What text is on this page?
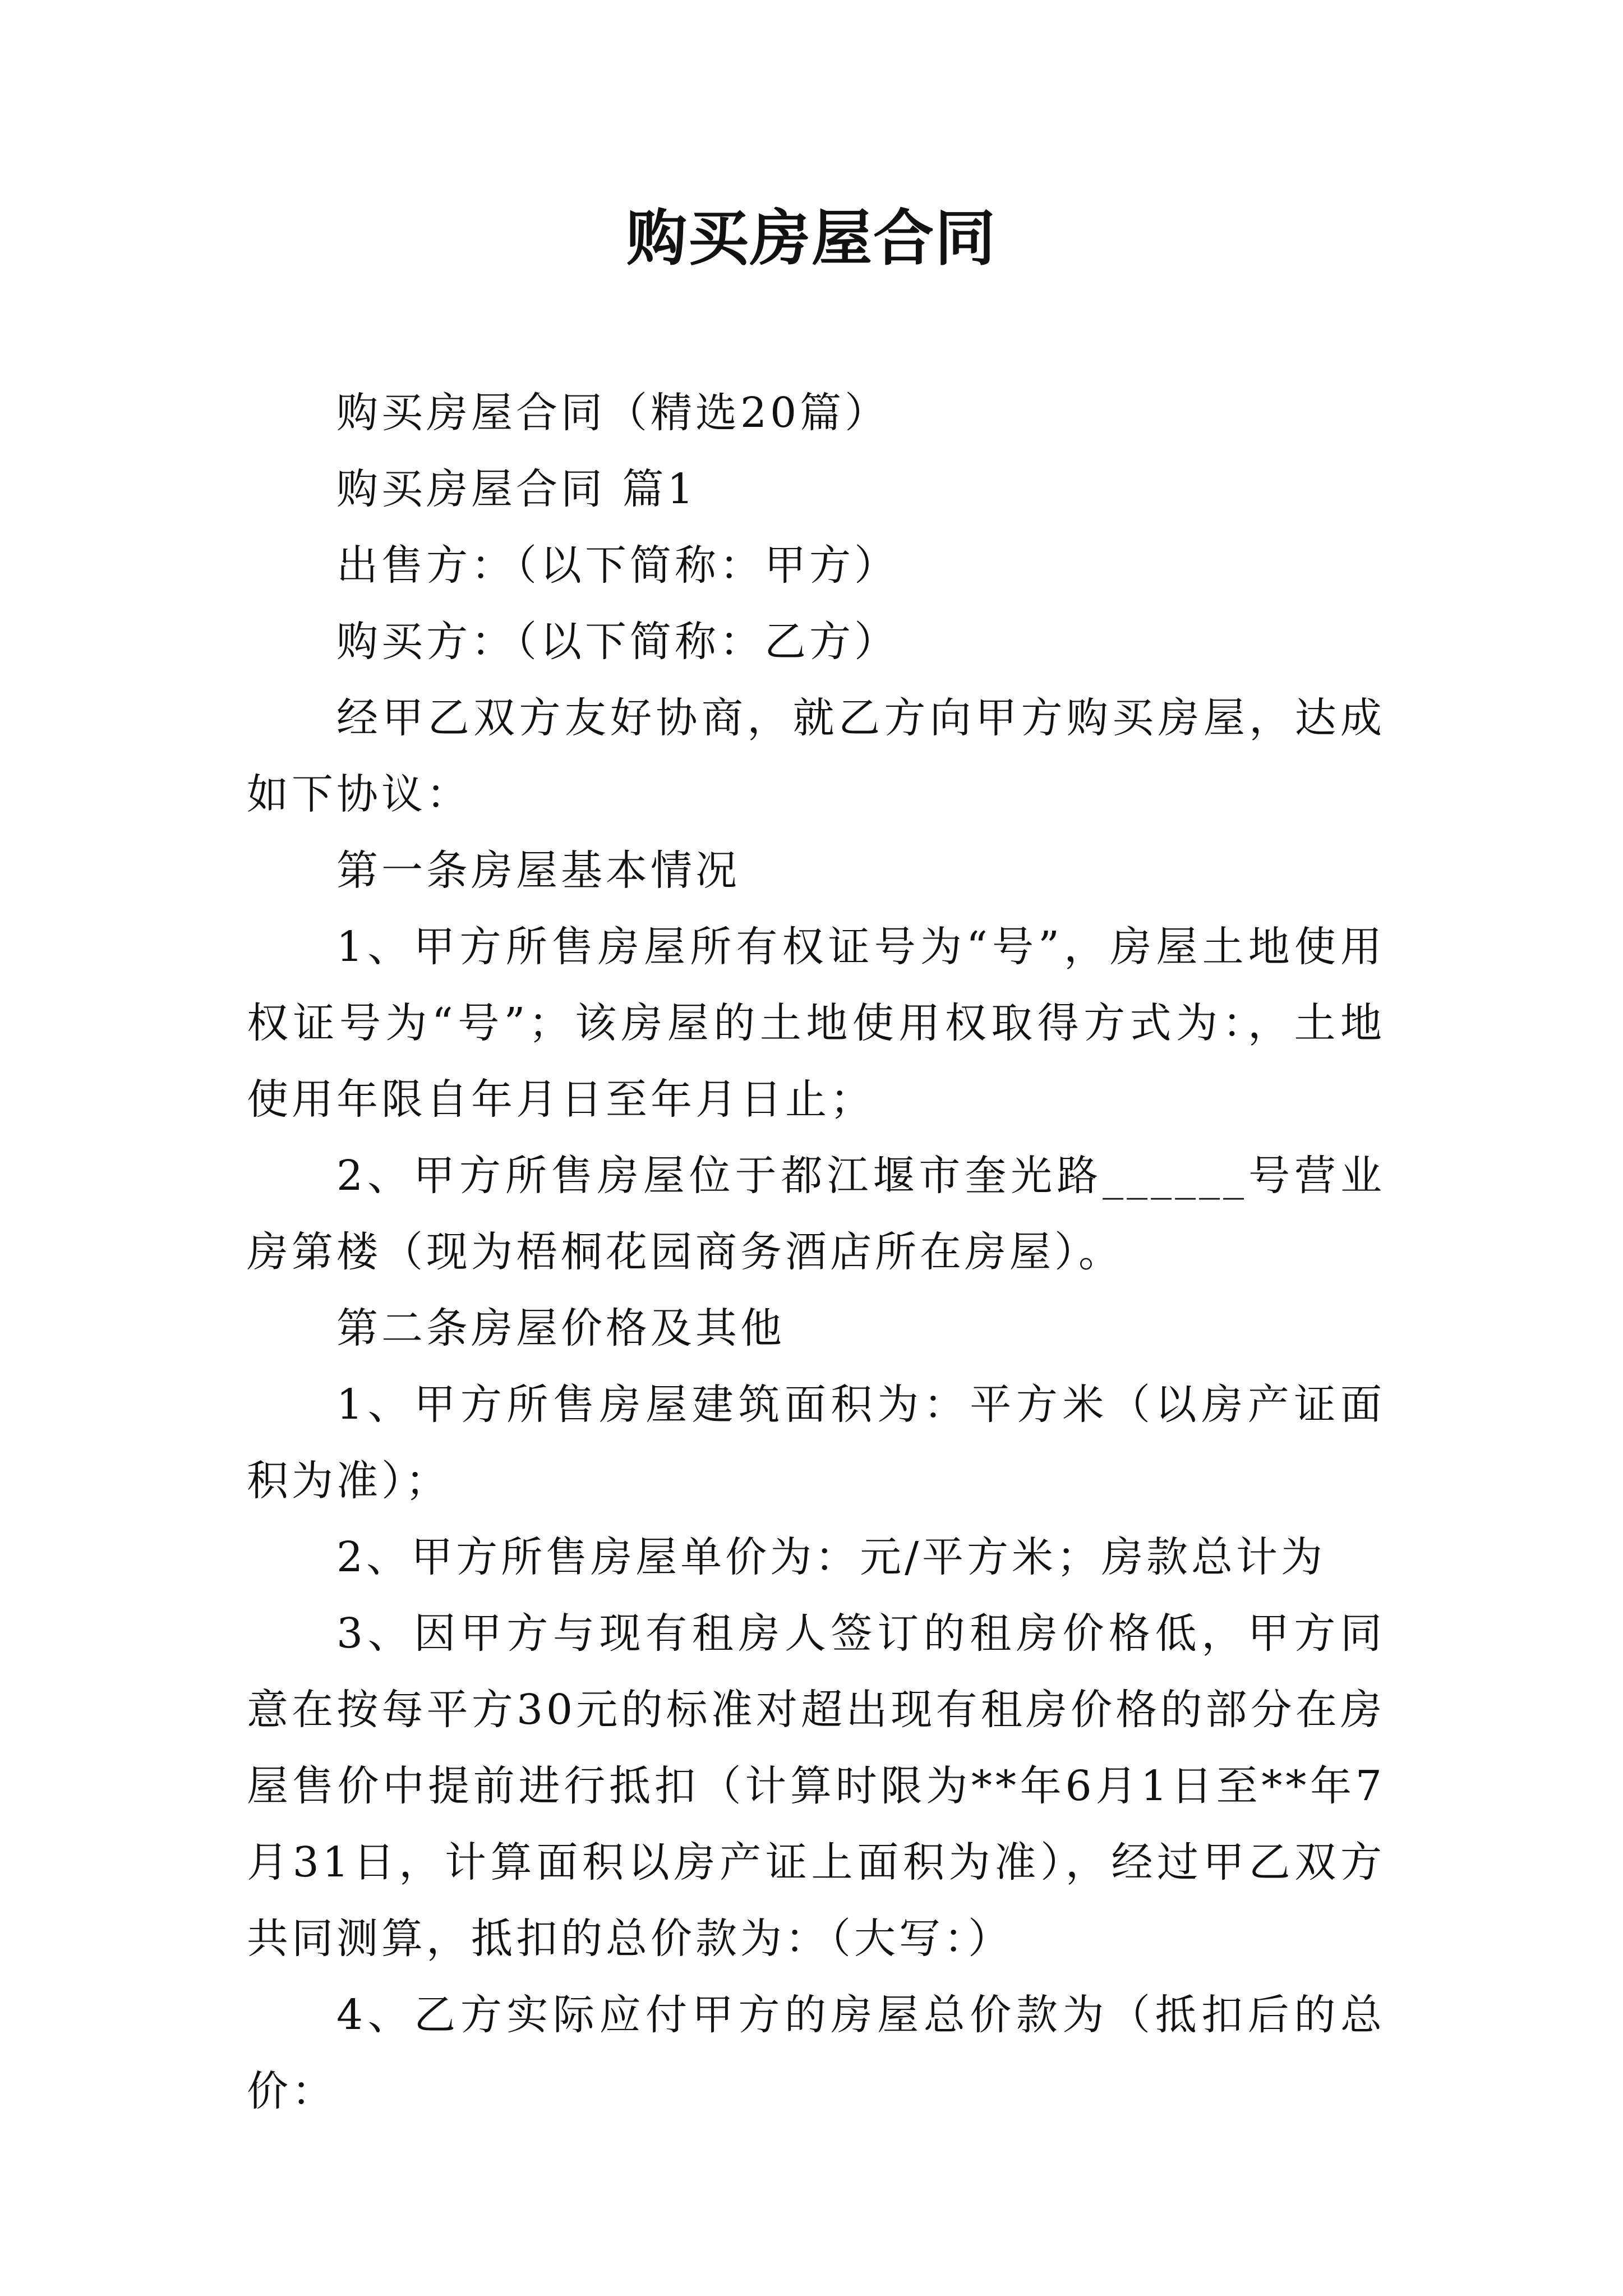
购买房屋合同

购买房屋合同（精选20篇）

购买房屋合同 篇1

出售方：（以下简称：甲方）

购买方：（以下简称：乙方）

经甲乙双方友好协商，就乙方向甲方购买房屋，达成如下协议：

第一条房屋基本情况

1、甲方所售房屋所有权证号为“号”，房屋土地使用权证号为“号”；该房屋的土地使用权取得方式为：，土地使用年限自年月日至年月日止；

2、甲方所售房屋位于都江堰市奎光路______号营业房第楼（现为梧桐花园商务酒店所在房屋）。

第二条房屋价格及其他

1、甲方所售房屋建筑面积为：平方米（以房产证面积为准）；

2、甲方所售房屋单价为：元/平方米；房款总计为

3、因甲方与现有租房人签订的租房价格低，甲方同意在按每平方30元的标准对超出现有租房价格的部分在房屋售价中提前进行抵扣（计算时限为**年6月1日至**年7月31日，计算面积以房产证上面积为准），经过甲乙双方共同测算，抵扣的总价款为：（大写：）

4、乙方实际应付甲方的房屋总价款为（抵扣后的总价：
